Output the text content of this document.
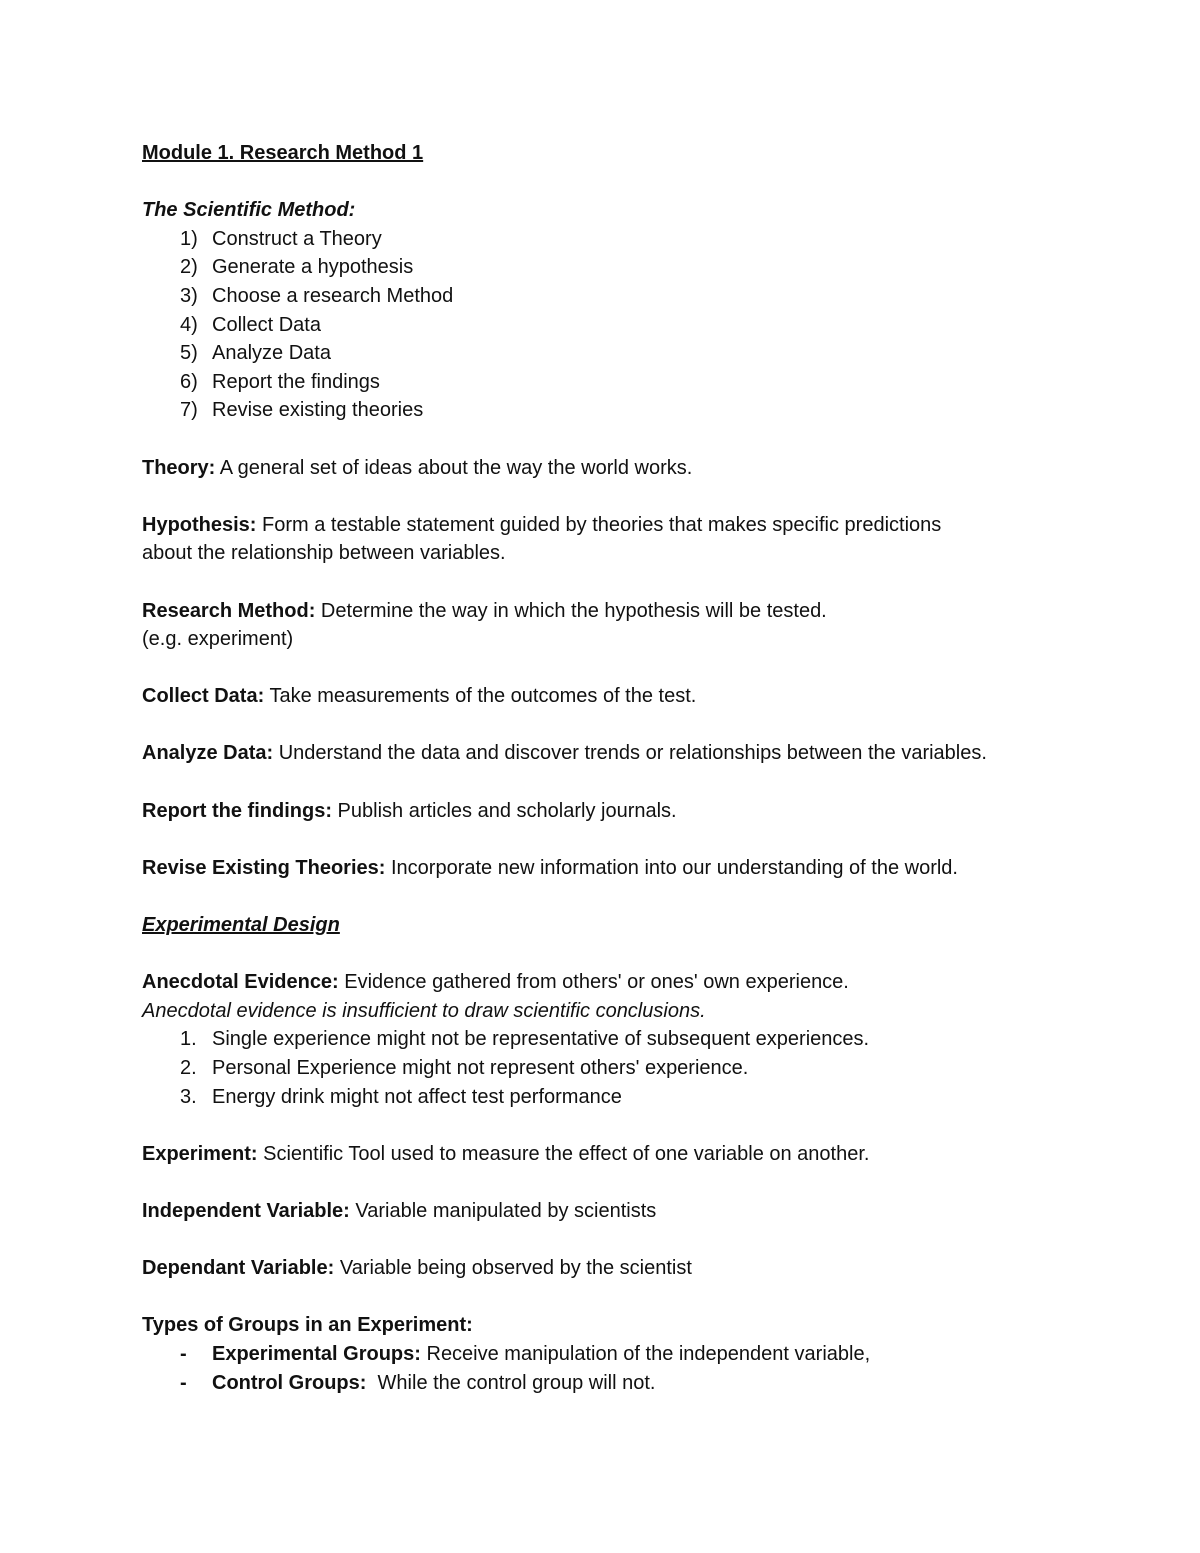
Module 1. Research Method 1
The Scientific Method:
1) Construct a Theory
2) Generate a hypothesis
3) Choose a research Method
4) Collect Data
5) Analyze Data
6) Report the findings
7) Revise existing theories
Theory: A general set of ideas about the way the world works.
Hypothesis: Form a testable statement guided by theories that makes specific predictions
about the relationship between variables.
Research Method: Determine the way in which the hypothesis will be tested.
(e.g. experiment)
Collect Data: Take measurements of the outcomes of the test.
Analyze Data: Understand the data and discover trends or relationships between the variables.
Report the findings: Publish articles and scholarly journals.
Revise Existing Theories: Incorporate new information into our understanding of the world.
Experimental Design
Anecdotal Evidence: Evidence gathered from others' or ones' own experience.
Anecdotal evidence is insufficient to draw scientific conclusions.
1. Single experience might not be representative of subsequent experiences.
2. Personal Experience might not represent others' experience.
3. Energy drink might not affect test performance
Experiment: Scientific Tool used to measure the effect of one variable on another.
Independent Variable: Variable manipulated by scientists
Dependant Variable: Variable being observed by the scientist
Types of Groups in an Experiment:
-	Experimental Groups: Receive manipulation of the independent variable,
-	Control Groups:  While the control group will not.
